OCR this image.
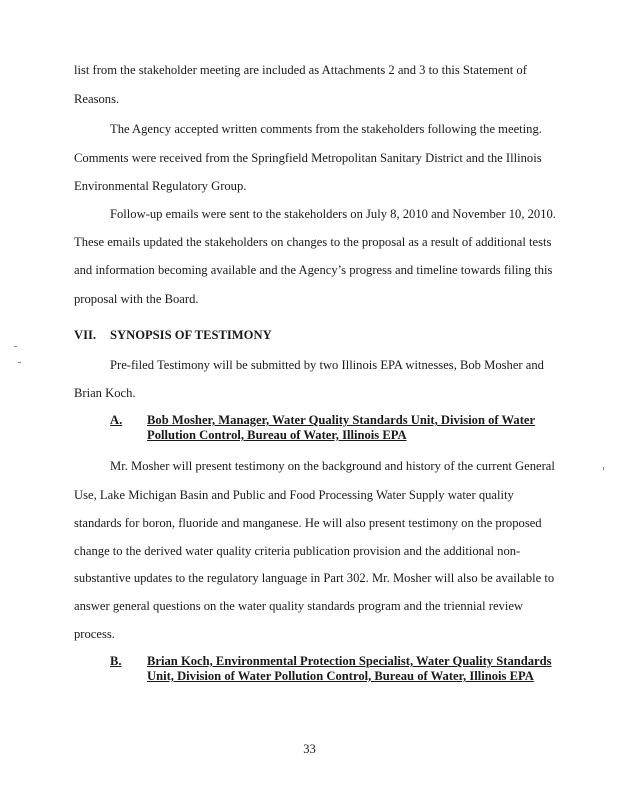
list from the stakeholder meeting are included as Attachments 2 and 3 to this Statement of
Reasons.
The Agency accepted written comments from the stakeholders following the meeting.
Comments were received from the Springfield Metropolitan Sanitary District and the Illinois
Environmental Regulatory Group.
Follow-up emails were sent to the stakeholders on July 8, 2010 and November 10, 2010.
These emails updated the stakeholders on changes to the proposal as a result of additional tests
and information becoming available and the Agency’s progress and timeline towards filing this
proposal with the Board.
VII. SYNOPSIS OF TESTIMONY
Pre-filed Testimony will be submitted by two Illinois EPA witnesses, Bob Mosher and
Brian Koch.
A. Bob Mosher, Manager, Water Quality Standards Unit, Division of Water
Pollution Control, Bureau of Water, Illinois EPA
Mr. Mosher will present testimony on the background and history of the current General
Use, Lake Michigan Basin and Public and Food Processing Water Supply water quality
standards for boron, fluoride and manganese. He will also present testimony on the proposed
change to the derived water quality criteria publication provision and the additional non-
substantive updates to the regulatory language in Part 302. Mr. Mosher will also be available to
answer general questions on the water quality standards program and the triennial review
process.
B. Brian Koch, Environmental Protection Specialist, Water Quality Standards
Unit, Division of Water Pollution Control, Bureau of Water, Illinois EPA
33
